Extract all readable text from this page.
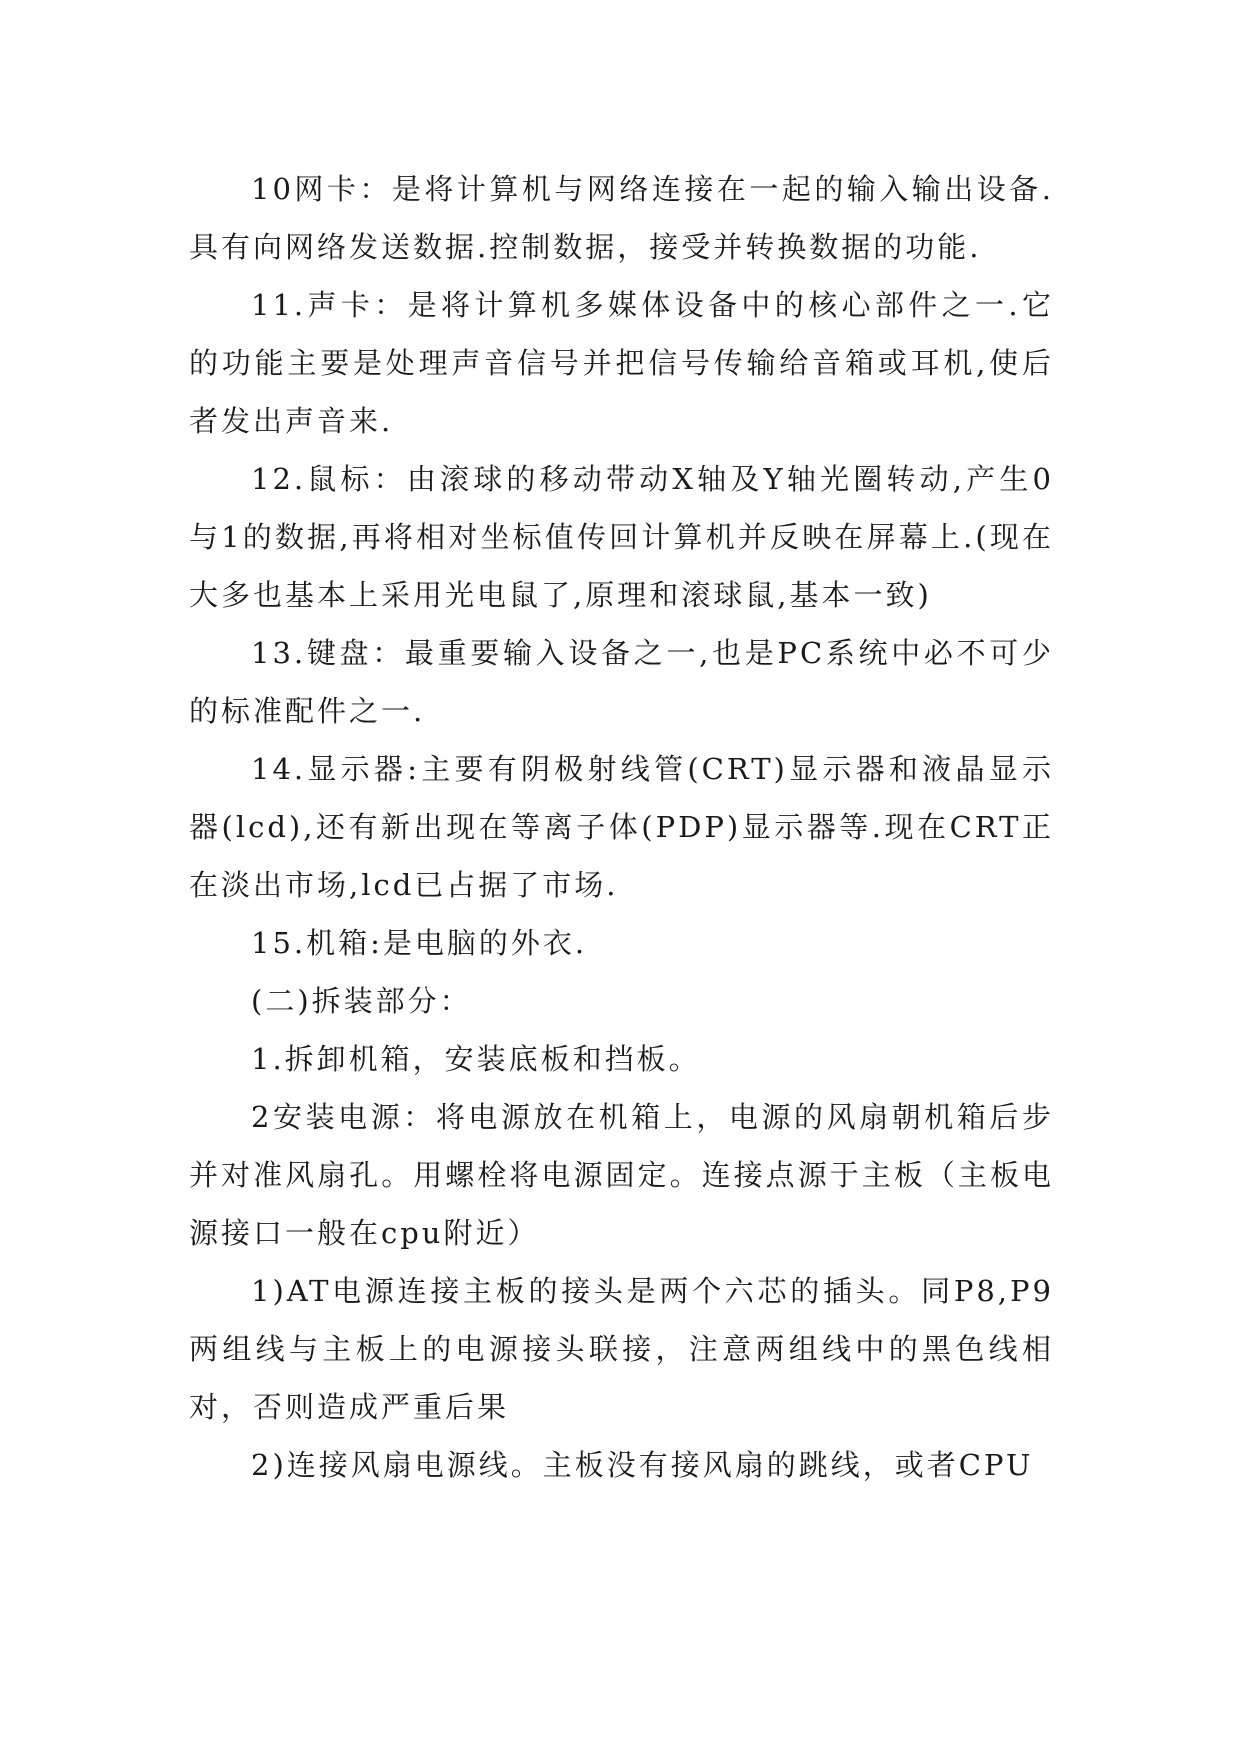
10网卡：是将计算机与网络连接在一起的输入输出设备.具有向网络发送数据.控制数据，接受并转换数据的功能.

11.声卡：是将计算机多媒体设备中的核心部件之一.它的功能主要是处理声音信号并把信号传输给音箱或耳机,使后者发出声音来.

12.鼠标：由滚球的移动带动X轴及Y轴光圈转动,产生0与1的数据,再将相对坐标值传回计算机并反映在屏幕上.(现在大多也基本上采用光电鼠了,原理和滚球鼠,基本一致)

13.键盘：最重要输入设备之一,也是PC系统中必不可少的标准配件之一.

14.显示器:主要有阴极射线管(CRT)显示器和液晶显示器(lcd),还有新出现在等离子体(PDP)显示器等.现在CRT正在淡出市场,lcd已占据了市场.

15.机箱:是电脑的外衣.

(二)拆装部分：

1.拆卸机箱，安装底板和挡板。

2安装电源：将电源放在机箱上，电源的风扇朝机箱后步并对准风扇孔。用螺栓将电源固定。连接点源于主板（主板电源接口一般在cpu附近）

1)AT电源连接主板的接头是两个六芯的插头。同P8,P9两组线与主板上的电源接头联接，注意两组线中的黑色线相对，否则造成严重后果

2)连接风扇电源线。主板没有接风扇的跳线，或者CPU
